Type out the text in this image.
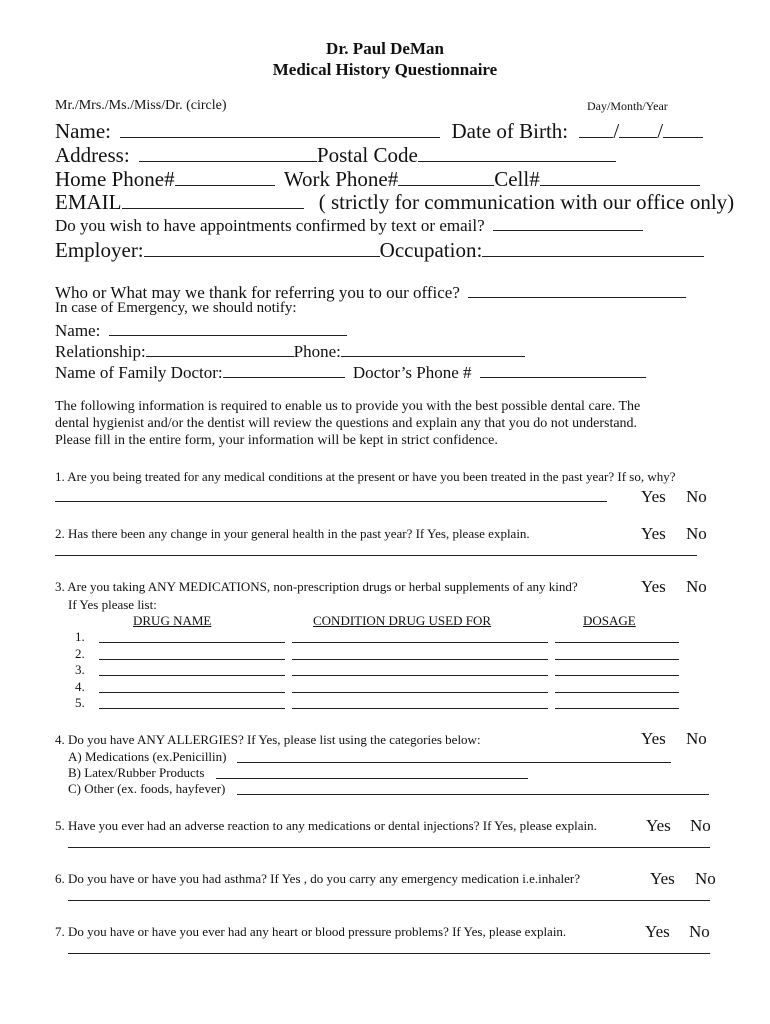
Dr. Paul DeMan
Medical History Questionnaire
Mr./Mrs./Ms./Miss/Dr. (circle)	Day/Month/Year
Name:	Date of Birth: / /
Address:	Postal Code
Home Phone#	Work Phone#	Cell#
EMAIL	( strictly for communication with our office only)
Do you wish to have appointments confirmed by text or email?
Employer:	Occupation:
Who or What may we thank for referring you to our office?
In case of Emergency, we should notify:
Name:
Relationship:	Phone:
Name of Family Doctor:	Doctor’s Phone #
The following information is required to enable us to provide you with the best possible dental care. The
dental hygienist and/or the dentist will review the questions and explain any that you do not understand.
Please fill in the entire form, your information will be kept in strict confidence.
1. Are you being treated for any medical conditions at the present or have you been treated in the past year? If so, why?
Yes No
2. Has there been any change in your general health in the past year? If Yes, please explain.	Yes No
3. Are you taking ANY MEDICATIONS, non-prescription drugs or herbal supplements of any kind?	Yes No
If Yes please list:
DRUG NAME	CONDITION DRUG USED FOR	DOSAGE
1.
2.
3.
4.
5.
4. Do you have ANY ALLERGIES? If Yes, please list using the categories below:	Yes No
A) Medications (ex.Penicillin)
B) Latex/Rubber Products
C) Other (ex. foods, hayfever)
5. Have you ever had an adverse reaction to any medications or dental injections? If Yes, please explain.	Yes No
6. Do you have or have you had asthma? If Yes , do you carry any emergency medication i.e.inhaler?	Yes No
7. Do you have or have you ever had any heart or blood pressure problems? If Yes, please explain.	Yes No
